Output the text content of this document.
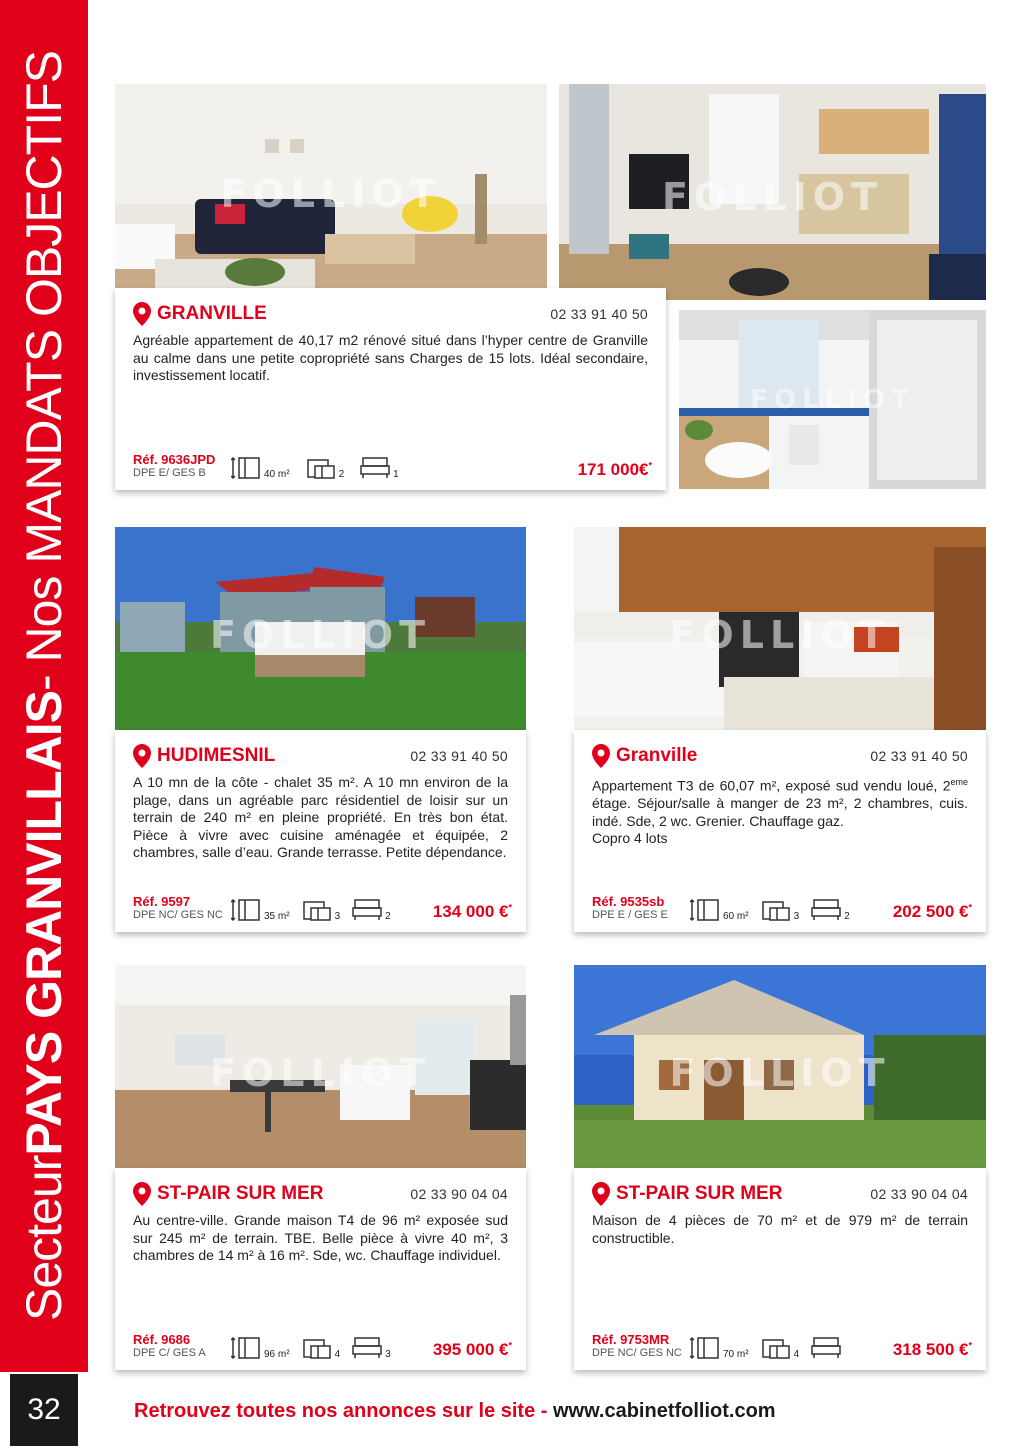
Secteur
PAYS GRANVILLAIS
- Nos MANDATS OBJECTIFS
32
FOLLIOT	FOLLIOT
FOLLIOT
GRANVILLE	02 33 91 40 50

Agréable appartement de 40,17 m2 rénové situé dans l’hyper centre de Granville au calme dans une petite copropriété sans Charges de 15 lots. Idéal secondaire, investissement locatif.

Réf. 9636JPD
DPE E/ GES B	40 m²	2	1	171 000€*
FOLLIOT
HUDIMESNIL	02 33 91 40 50

A 10 mn de la côte - chalet 35 m². A 10 mn environ de la plage, dans un agréable parc résidentiel de loisir sur un terrain de 240 m² en pleine propriété. En très bon état. Pièce à vivre avec cuisine aménagée et équipée, 2 chambres, salle d’eau. Grande terrasse. Petite dépendance.

Réf. 9597
DPE NC/ GES NC	35 m²	3	2 134 000 €*
FOLLIOT
Granville	02 33 91 40 50

Appartement T3 de 60,07 m², exposé sud vendu loué, 2eme étage. Séjour/salle à manger de 23 m², 2 chambres, cuis. indé. Sde, 2 wc. Grenier. Chauffage gaz.
Copro 4 lots

Réf. 9535sb
DPE E / GES E	60 m²	3	2	202 500 €*
FOLLIOT
ST-PAIR SUR MER	02 33 90 04 04

Au centre-ville. Grande maison T4 de 96 m² exposée sud sur 245 m² de terrain. TBE. Belle pièce à vivre 40 m², 3 chambres de 14 m² à 16 m². Sde, wc. Chauffage individuel.

Réf. 9686
DPE C/ GES A	96 m²	4	3 395 000 €*
FOLLIOT
ST-PAIR SUR MER	02 33 90 04 04

Maison de 4 pièces de 70 m² et de 979 m² de terrain constructible.

Réf. 9753MR
DPE NC/ GES NC	70 m²	4	318 500 €*
Retrouvez toutes nos annonces sur le site - www.cabinetfolliot.com
